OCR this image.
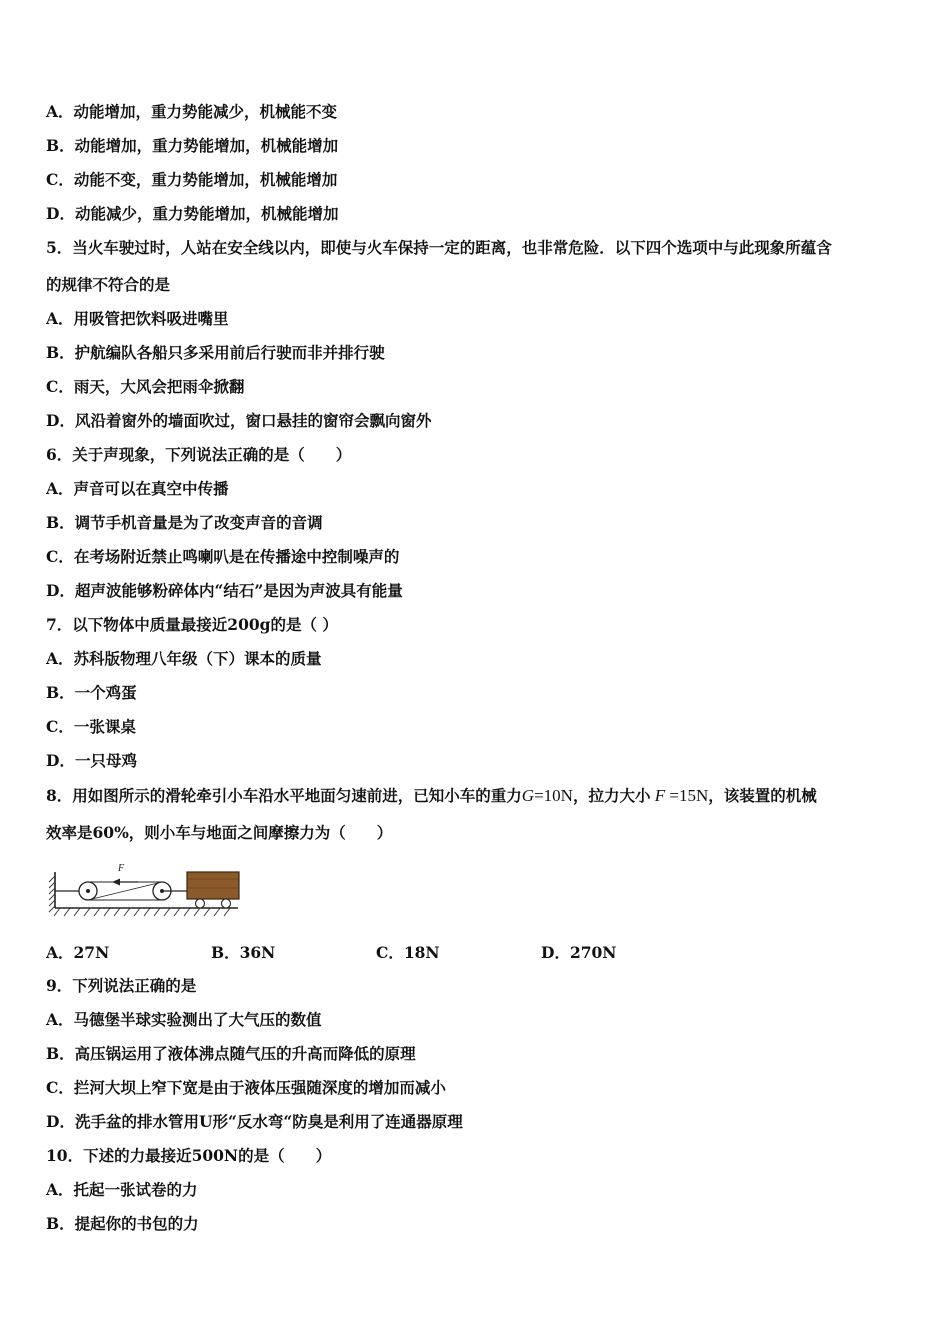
A．动能增加，重力势能减少，机械能不变
B．动能增加，重力势能增加，机械能增加
C．动能不变，重力势能增加，机械能增加
D．动能减少，重力势能增加，机械能增加
5．当火车驶过时，人站在安全线以内，即使与火车保持一定的距离，也非常危险．以下四个选项中与此现象所蕴含
的规律不符合的是
A．用吸管把饮料吸进嘴里
B．护航编队各船只多采用前后行驶而非并排行驶
C．雨天，大风会把雨伞掀翻
D．风沿着窗外的墙面吹过，窗口悬挂的窗帘会飘向窗外
6．关于声现象，下列说法正确的是（　　）
A．声音可以在真空中传播
B．调节手机音量是为了改变声音的音调
C．在考场附近禁止鸣喇叭是在传播途中控制噪声的
D．超声波能够粉碎体内“结石”是因为声波具有能量
7．以下物体中质量最接近200g的是（ ）
A．苏科版物理八年级（下）课本的质量
B．一个鸡蛋
C．一张课桌
D．一只母鸡
8．用如图所示的滑轮牵引小车沿水平地面匀速前进，已知小车的重力G=10N，拉力大小 F =15N，该装置的机械
效率是60%，则小车与地面之间摩擦力为（　　）
F
A．27N	B．36N	C．18N	D．270N
9．下列说法正确的是
A．马德堡半球实验测出了大气压的数值
B．高压锅运用了液体沸点随气压的升高而降低的原理
C．拦河大坝上窄下宽是由于液体压强随深度的增加而减小
D．洗手盆的排水管用U形“反水弯“防臭是利用了连通器原理
10．下述的力最接近500N的是（　　）
A．托起一张试卷的力
B．提起你的书包的力
